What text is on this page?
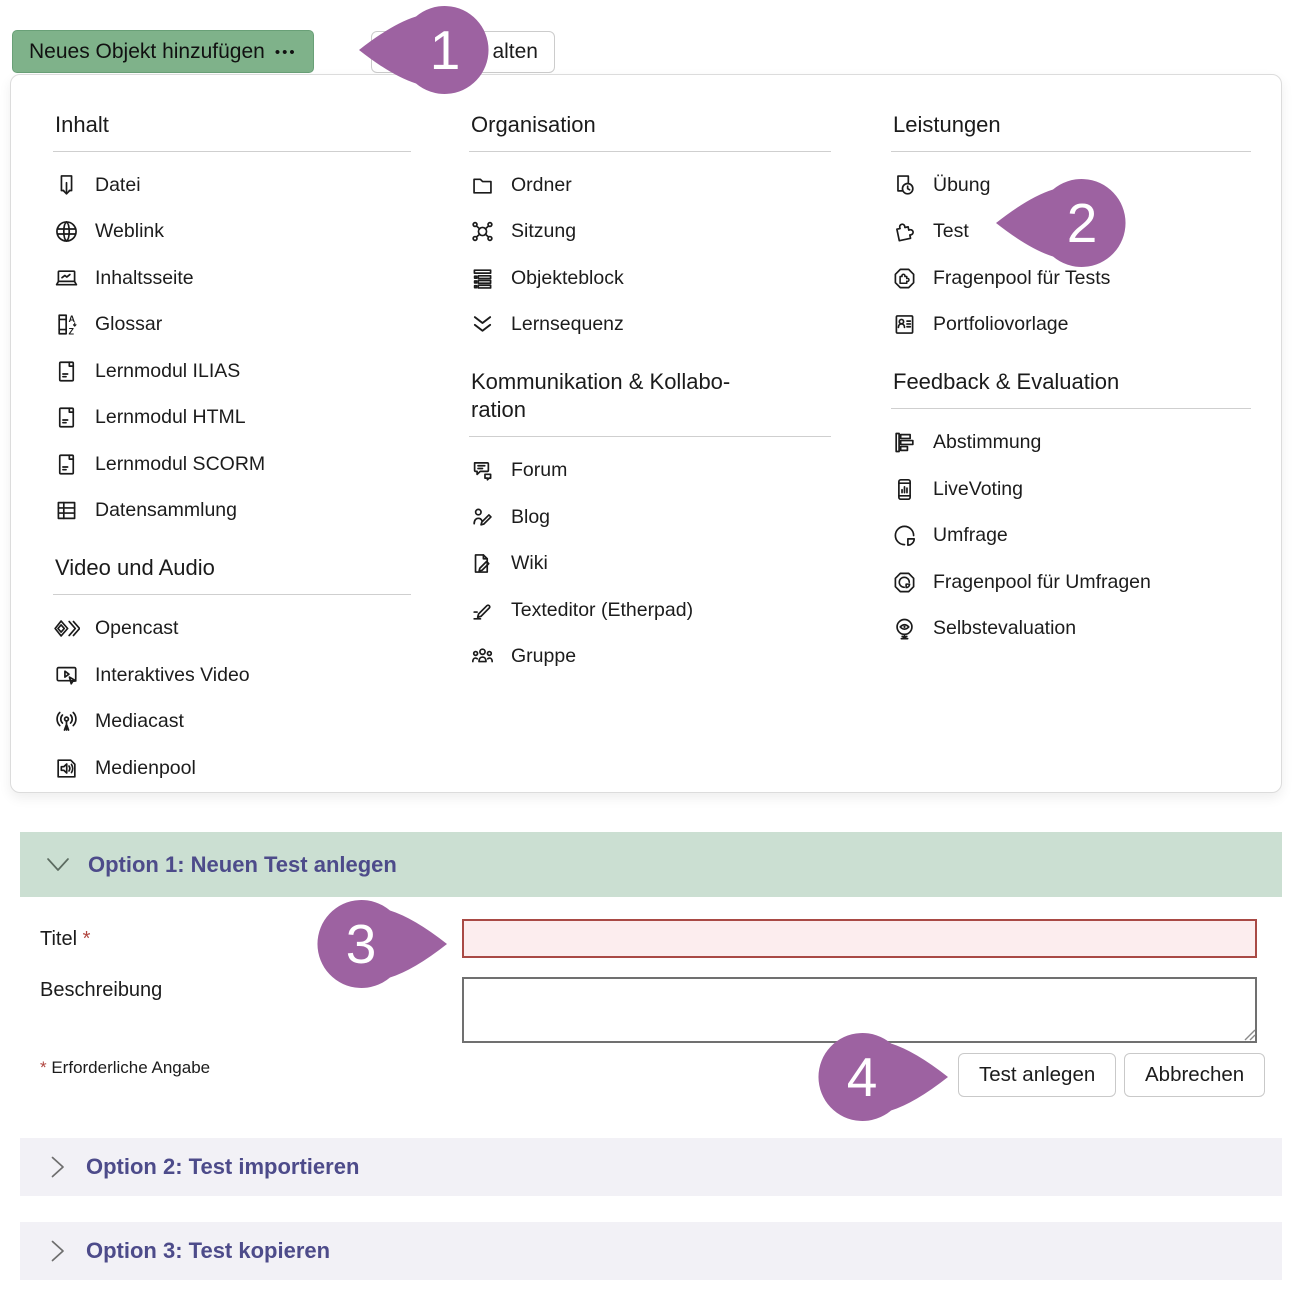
Neues Objekt hinzufügen •••	alten
Inhalt
Datei
Weblink
Inhaltsseite
A
Z Glossar
Lernmodul ILIAS
Lernmodul HTML
Lernmodul SCORM
Datensammlung
Video und Audio
Opencast
Interaktives Video
Mediacast
Medienpool
Organisation
Ordner
Sitzung
Objekteblock
Lernsequenz
Kommunikation & Kollaboration
Forum
Blog
Wiki
Texteditor (Etherpad)
Gruppe
Leistungen
Übung
Test
Fragenpool für Tests
Portfoliovorlage
Feedback & Evaluation
Abstimmung
LiveVoting
Umfrage
Fragenpool für Umfragen
Selbstevaluation
Option 1: Neuen Test anlegen
Titel *
Beschreibung
* Erforderliche Angabe	Test anlegen	Abbrechen
Option 2: Test importieren
Option 3: Test kopieren
1
2
3
4
